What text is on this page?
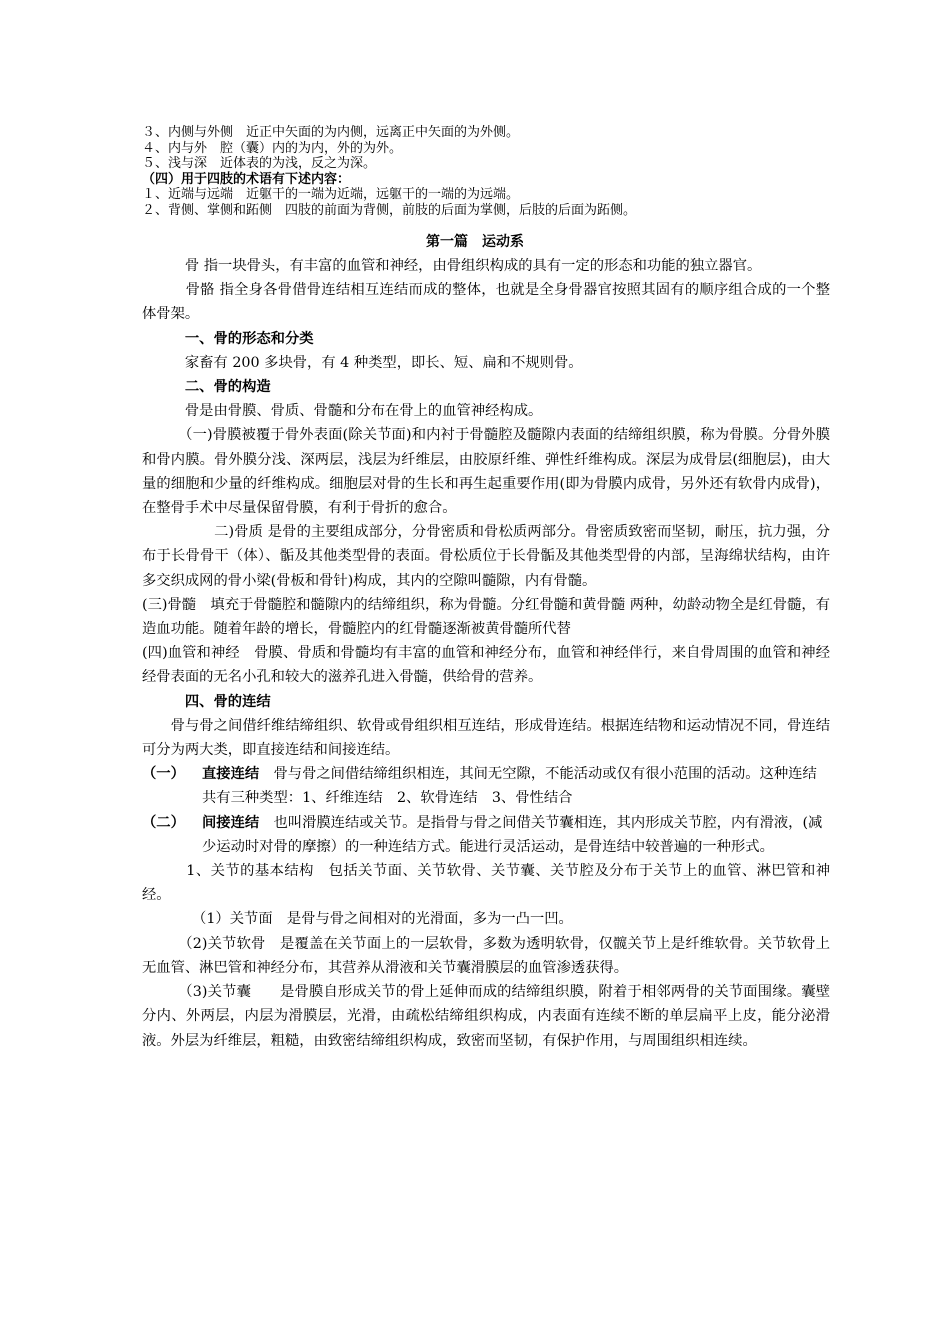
３、内侧与外侧　近正中矢面的为内侧，远离正中矢面的为外侧。
４、内与外　腔（囊）内的为内，外的为外。
５、浅与深　近体表的为浅，反之为深。
（四）用于四肢的术语有下述内容：
１、近端与远端　近躯干的一端为近端，远躯干的一端的为远端。
２、背侧、掌侧和跖侧　四肢的前面为背侧，前肢的后面为掌侧，后肢的后面为跖侧。
第一篇　运动系

　　　骨 指一块骨头，有丰富的血管和神经，由骨组织构成的具有一定的形态和功能的独立器官。

　　　骨骼 指全身各骨借骨连结相互连结而成的整体，也就是全身骨器官按照其固有的顺序组合成的一个整体骨架。

　　　一、骨的形态和分类

　　　家畜有 200 多块骨，有 4 种类型，即长、短、扁和不规则骨。

　　　二、骨的构造

　　　骨是由骨膜、骨质、骨髓和分布在骨上的血管神经构成。

　　　（一)骨膜被覆于骨外表面(除关节面)和内衬于骨髓腔及髓隙内表面的结缔组织膜，称为骨膜。分骨外膜和骨内膜。骨外膜分浅、深两层，浅层为纤维层，由胶原纤维、弹性纤维构成。深层为成骨层(细胞层)，由大量的细胞和少量的纤维构成。细胞层对骨的生长和再生起重要作用(即为骨膜内成骨，另外还有软骨内成骨)，在整骨手术中尽量保留骨膜，有利于骨折的愈合。

　　　　　二)骨质 是骨的主要组成部分，分骨密质和骨松质两部分。骨密质致密而坚韧，耐压，抗力强，分布于长骨骨干（体）、骺及其他类型骨的表面。骨松质位于长骨骺及其他类型骨的内部，呈海绵状结构，由许多交织成网的骨小梁(骨板和骨针)构成，其内的空隙叫髓隙，内有骨髓。

(三)骨髓　填充于骨髓腔和髓隙内的结缔组织，称为骨髓。分红骨髓和黄骨髓 两种，幼龄动物全是红骨髓，有造血功能。随着年龄的增长，骨髓腔内的红骨髓逐渐被黄骨髓所代替

(四)血管和神经　骨膜、骨质和骨髓均有丰富的血管和神经分布，血管和神经伴行，来自骨周围的血管和神经经骨表面的无名小孔和较大的滋养孔进入骨髓，供给骨的营养。

　　　四、骨的连结

　　骨与骨之间借纤维结缔组织、软骨或骨组织相互连结，形成骨连结。根据连结物和运动情况不同，骨连结可分为两大类，即直接连结和间接连结。

（一）	直接连结　骨与骨之间借结缔组织相连，其间无空隙，不能活动或仅有很小范围的活动。这种连结共有三种类型：1、纤维连结　2、软骨连结　3、骨性结合
（二）	间接连结　也叫滑膜连结或关节。是指骨与骨之间借关节囊相连，其内形成关节腔，内有滑液，(减少运动时对骨的摩擦）的一种连结方式。能进行灵活运动，是骨连结中较普遍的一种形式。

　　　1、关节的基本结构　包括关节面、关节软骨、关节囊、关节腔及分布于关节上的血管、淋巴管和神经。

　　　　（1）关节面　是骨与骨之间相对的光滑面，多为一凸一凹。

　　　（2)关节软骨　是覆盖在关节面上的一层软骨，多数为透明软骨，仅髋关节上是纤维软骨。关节软骨上无血管、淋巴管和神经分布，其营养从滑液和关节囊滑膜层的血管渗透获得。

　　　（3)关节囊　　是骨膜自形成关节的骨上延伸而成的结缔组织膜，附着于相邻两骨的关节面围缘。囊壁分内、外两层，内层为滑膜层，光滑，由疏松结缔组织构成，内表面有连续不断的单层扁平上皮，能分泌滑液。外层为纤维层，粗糙，由致密结缔组织构成，致密而坚韧，有保护作用，与周围组织相连续。
